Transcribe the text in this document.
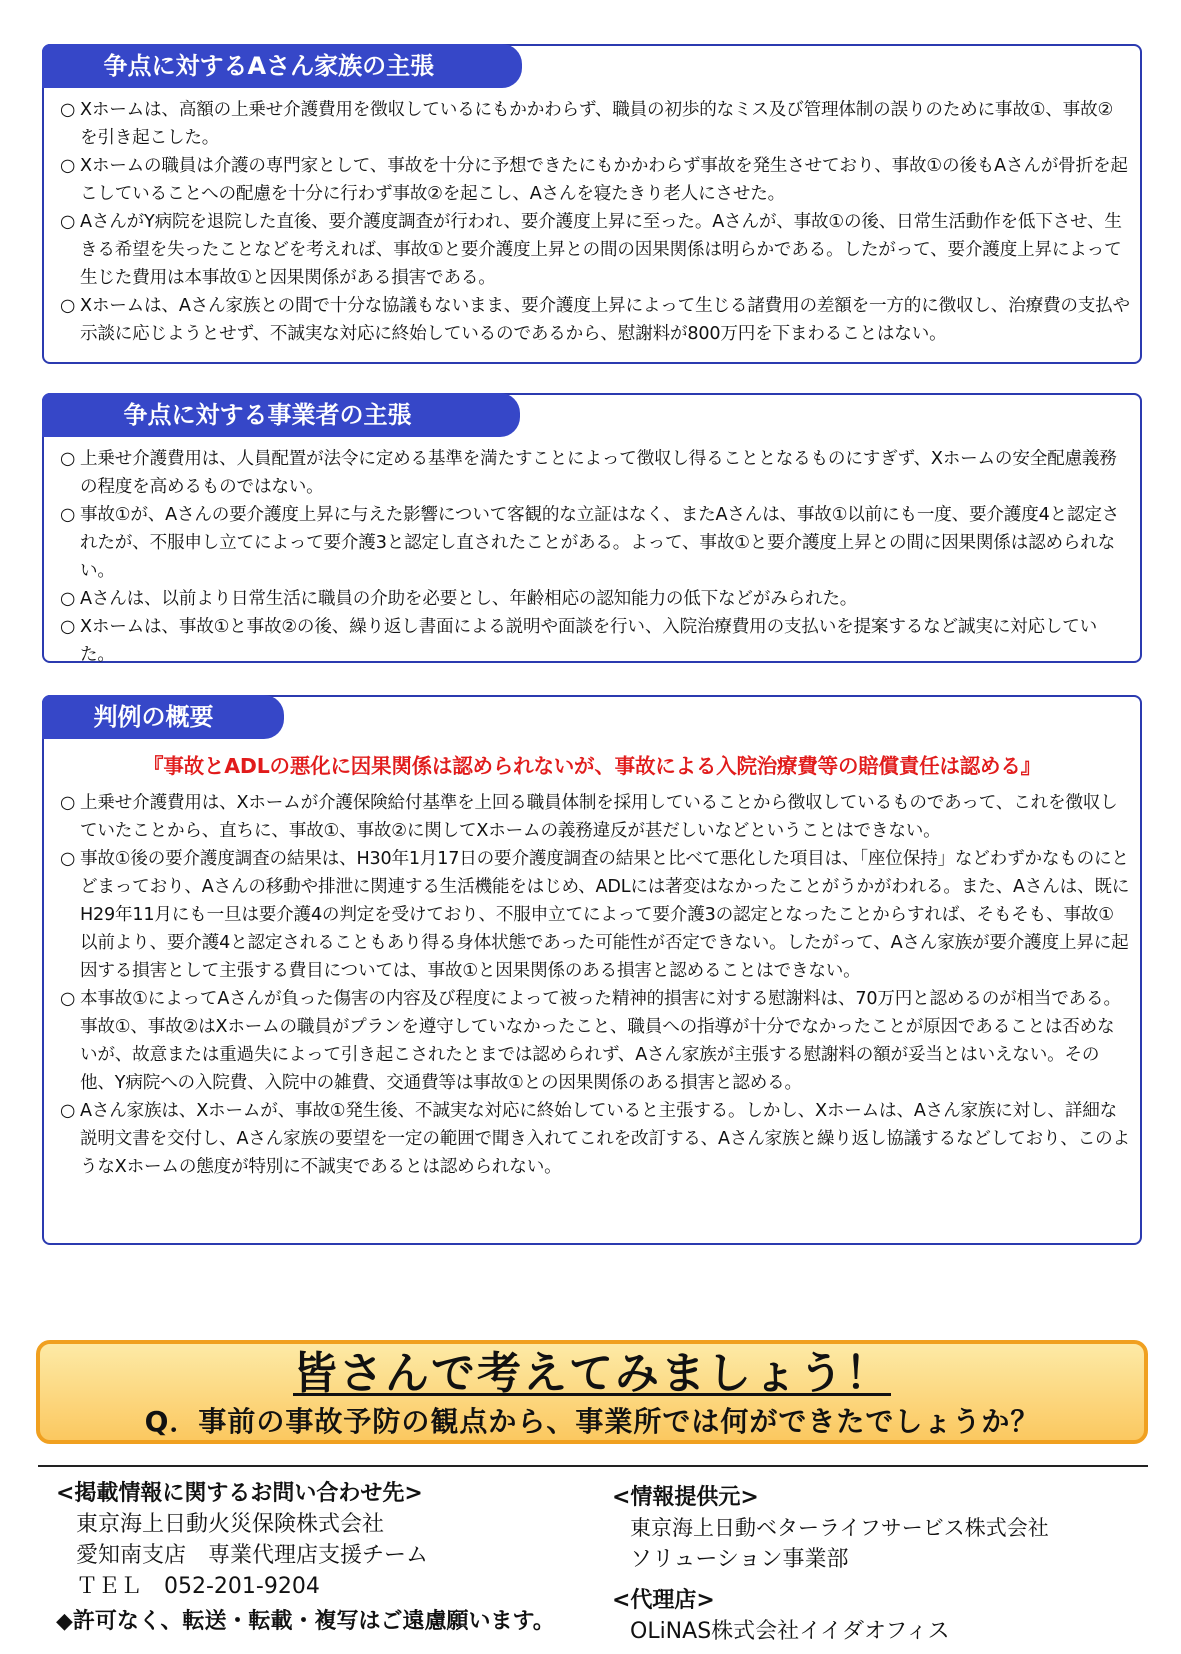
争点に対するAさん家族の主張
○ Xホームは、高額の上乗せ介護費用を徴収しているにもかかわらず、職員の初歩的なミス及び管理体制の誤りのために事故①、事故②を引き起こした。
○ Xホームの職員は介護の専門家として、事故を十分に予想できたにもかかわらず事故を発生させており、事故①の後もAさんが骨折を起こしていることへの配慮を十分に行わず事故②を起こし、Aさんを寝たきり老人にさせた。
○ AさんがY病院を退院した直後、要介護度調査が行われ、要介護度上昇に至った。Aさんが、事故①の後、日常生活動作を低下させ、生きる希望を失ったことなどを考えれば、事故①と要介護度上昇との間の因果関係は明らかである。したがって、要介護度上昇によって生じた費用は本事故①と因果関係がある損害である。
○ Xホームは、Aさん家族との間で十分な協議もないまま、要介護度上昇によって生じる諸費用の差額を一方的に徴収し、治療費の支払や示談に応じようとせず、不誠実な対応に終始しているのであるから、慰謝料が800万円を下まわることはない。
争点に対する事業者の主張
○ 上乗せ介護費用は、人員配置が法令に定める基準を満たすことによって徴収し得ることとなるものにすぎず、Xホームの安全配慮義務の程度を高めるものではない。
○ 事故①が、Aさんの要介護度上昇に与えた影響について客観的な立証はなく、またAさんは、事故①以前にも一度、要介護度4と認定されたが、不服申し立てによって要介護3と認定し直されたことがある。よって、事故①と要介護度上昇との間に因果関係は認められない。
○ Aさんは、以前より日常生活に職員の介助を必要とし、年齢相応の認知能力の低下などがみられた。
○ Xホームは、事故①と事故②の後、繰り返し書面による説明や面談を行い、入院治療費用の支払いを提案するなど誠実に対応していた。
判例の概要
『事故とADLの悪化に因果関係は認められないが、事故による入院治療費等の賠償責任は認める』
○ 上乗せ介護費用は、Xホームが介護保険給付基準を上回る職員体制を採用していることから徴収しているものであって、これを徴収していたことから、直ちに、事故①、事故②に関してXホームの義務違反が甚だしいなどということはできない。
○ 事故①後の要介護度調査の結果は、H30年1月17日の要介護度調査の結果と比べて悪化した項目は、「座位保持」などわずかなものにとどまっており、Aさんの移動や排泄に関連する生活機能をはじめ、ADLには著変はなかったことがうかがわれる。また、Aさんは、既にH29年11月にも一旦は要介護4の判定を受けており、不服申立てによって要介護3の認定となったことからすれば、そもそも、事故①以前より、要介護4と認定されることもあり得る身体状態であった可能性が否定できない。したがって、Aさん家族が要介護度上昇に起因する損害として主張する費目については、事故①と因果関係のある損害と認めることはできない。
○ 本事故①によってAさんが負った傷害の内容及び程度によって被った精神的損害に対する慰謝料は、70万円と認めるのが相当である。事故①、事故②はXホームの職員がプランを遵守していなかったこと、職員への指導が十分でなかったことが原因であることは否めないが、故意または重過失によって引き起こされたとまでは認められず、Aさん家族が主張する慰謝料の額が妥当とはいえない。その他、Y病院への入院費、入院中の雑費、交通費等は事故①との因果関係のある損害と認める。
○ Aさん家族は、Xホームが、事故①発生後、不誠実な対応に終始していると主張する。しかし、Xホームは、Aさん家族に対し、詳細な説明文書を交付し、Aさん家族の要望を一定の範囲で聞き入れてこれを改訂する、Aさん家族と繰り返し協議するなどしており、このようなXホームの態度が特別に不誠実であるとは認められない。
皆さんで考えてみましょう！
Q．事前の事故予防の観点から、事業所では何ができたでしょうか？
<掲載情報に関するお問い合わせ先>
東京海上日動火災保険株式会社
愛知南支店　専業代理店支援チーム
ＴＥＬ　052-201-9204
◆許可なく、転送・転載・複写はご遠慮願います。
<情報提供元>
東京海上日動ベターライフサービス株式会社
ソリューション事業部
<代理店>
OLiNAS株式会社イイダオフィス
